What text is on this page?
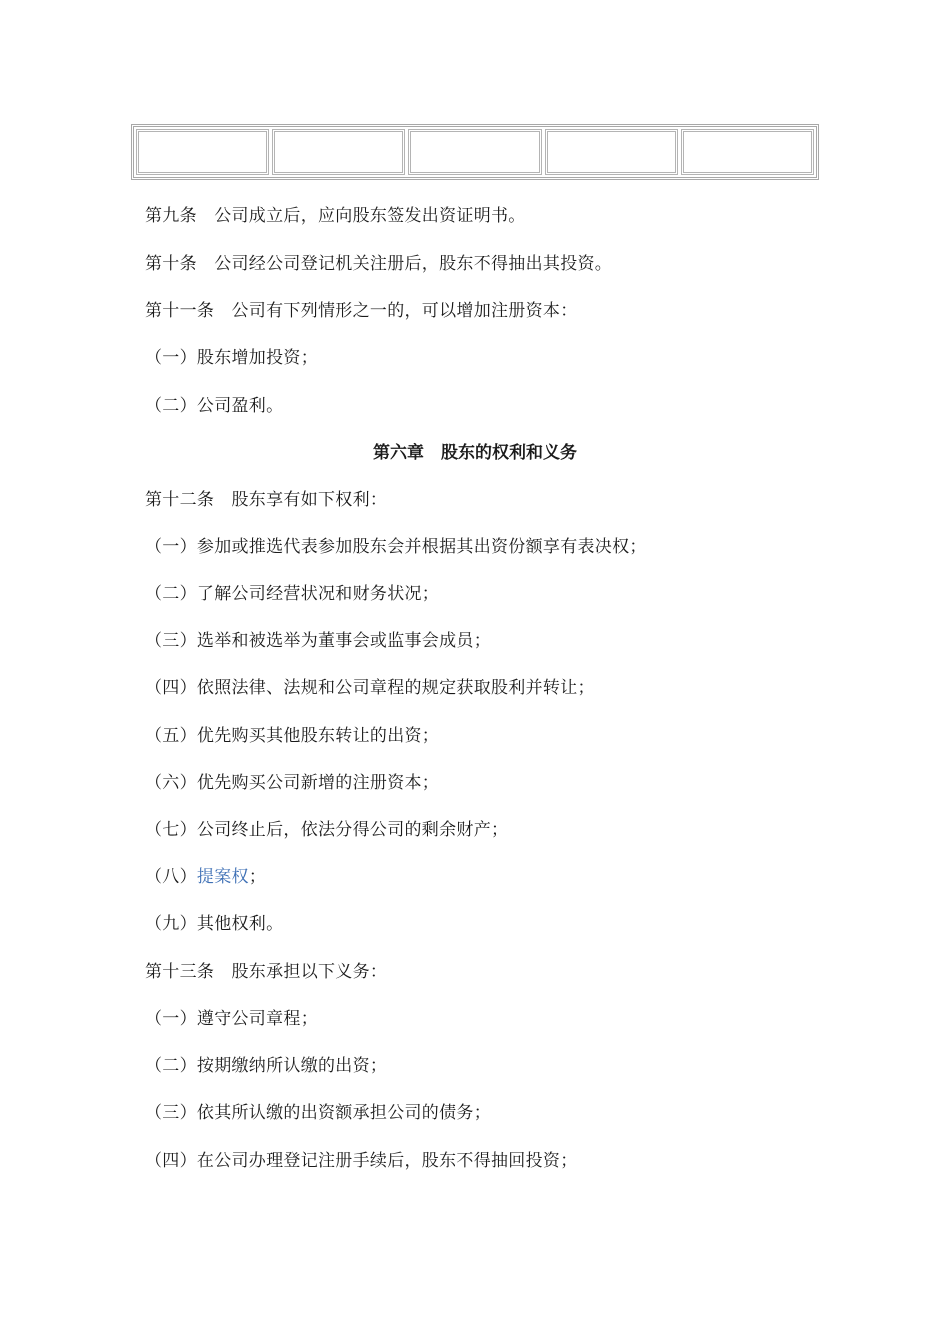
第九条　公司成立后，应向股东签发出资证明书。
第十条　公司经公司登记机关注册后，股东不得抽出其投资。
第十一条　公司有下列情形之一的，可以增加注册资本：
（一）股东增加投资；
（二）公司盈利。
第六章　股东的权利和义务
第十二条　股东享有如下权利：
（一）参加或推选代表参加股东会并根据其出资份额享有表决权；
（二）了解公司经营状况和财务状况；
（三）选举和被选举为董事会或监事会成员；
（四）依照法律、法规和公司章程的规定获取股利并转让；
（五）优先购买其他股东转让的出资；
（六）优先购买公司新增的注册资本；
（七）公司终止后，依法分得公司的剩余财产；
（八）提案权；
（九）其他权利。
第十三条　股东承担以下义务：
（一）遵守公司章程；
（二）按期缴纳所认缴的出资；
（三）依其所认缴的出资额承担公司的债务；
（四）在公司办理登记注册手续后，股东不得抽回投资；
